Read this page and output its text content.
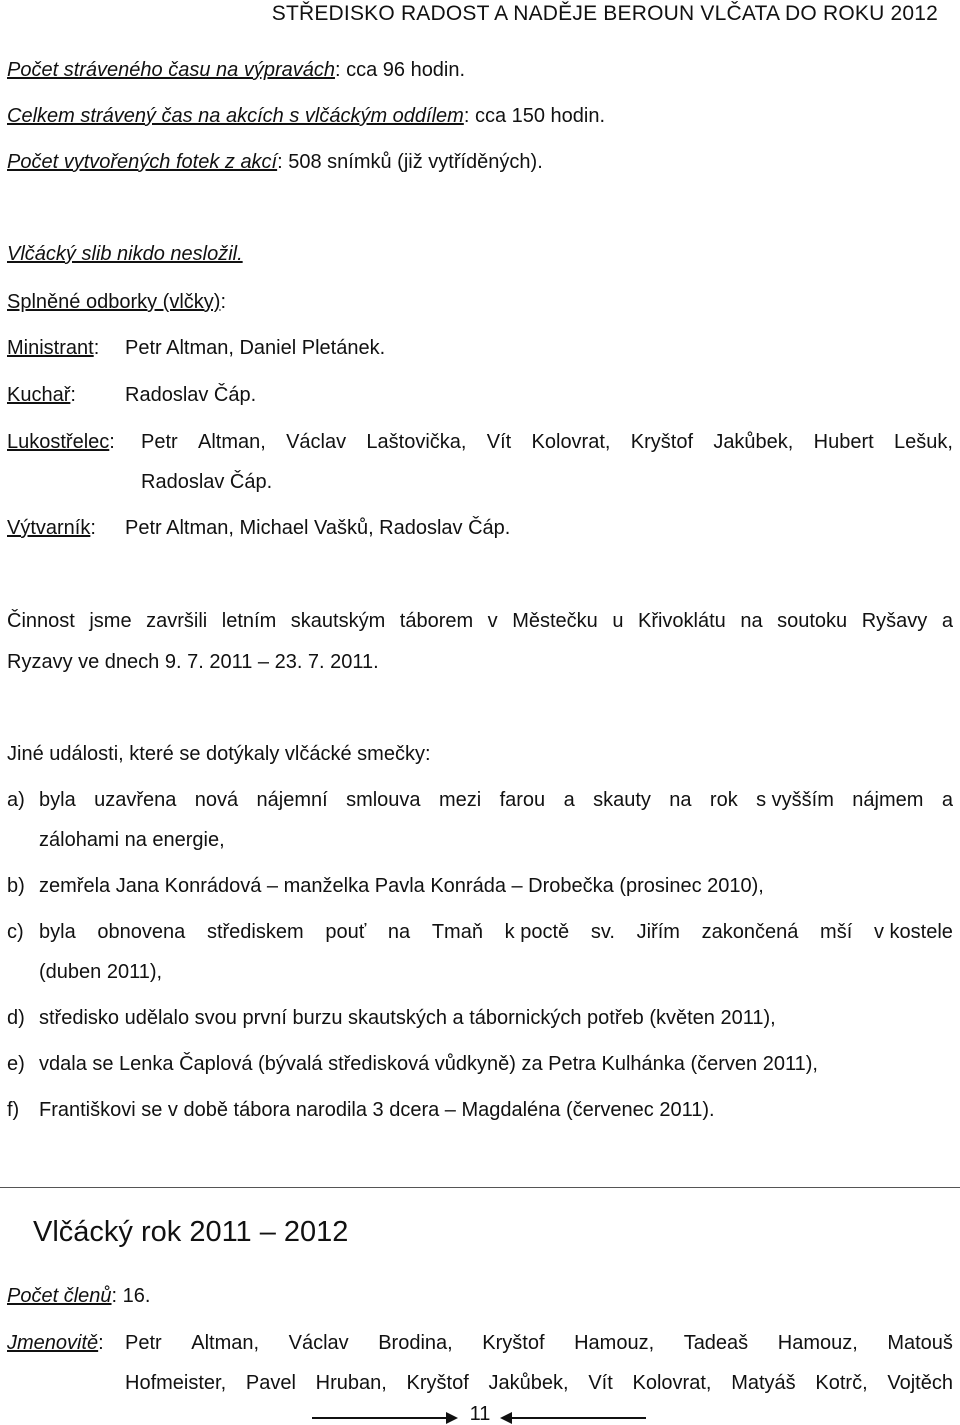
STŘEDISKO RADOST A NADĚJE BEROUN VLČATA DO ROKU 2012
Počet stráveného času na výpravách: cca 96 hodin.
Celkem strávený čas na akcích s vlčáckým oddílem: cca 150 hodin.
Počet vytvořených fotek z akcí: 508 snímků (již vytříděných).
Vlčácký slib nikdo nesložil.
Splněné odborky (vlčky):
Ministrant: Petr Altman, Daniel Pletánek.
Kuchař: Radoslav Čáp.
Lukostřelec: Petr Altman, Václav Laštovička, Vít Kolovrat, Kryštof Jakůbek, Hubert Lešuk,
Radoslav Čáp.
Výtvarník: Petr Altman, Michael Vašků, Radoslav Čáp.
Činnost jsme završili letním skautským táborem v Městečku u Křivoklátu na soutoku Ryšavy a
Ryzavy ve dnech 9. 7. 2011 – 23. 7. 2011.
Jiné události, které se dotýkaly vlčácké smečky:
a) byla uzavřena nová nájemní smlouva mezi farou a skauty na rok s vyšším nájmem a
zálohami na energie,
b) zemřela Jana Konrádová – manželka Pavla Konráda – Drobečka (prosinec 2010),
c) byla obnovena střediskem pouť na Tmaň k poctě sv. Jiřím zakončená mší v kostele
(duben 2011),
d) středisko udělalo svou první burzu skautských a tábornických potřeb (květen 2011),
e) vdala se Lenka Čaplová (bývalá středisková vůdkyně) za Petra Kulhánka (červen 2011),
f) Františkovi se v době tábora narodila 3 dcera – Magdaléna (červenec 2011).
Vlčácký rok 2011 – 2012
Počet členů: 16.
Jmenovitě: Petr Altman, Václav Brodina, Kryštof Hamouz, Tadeaš Hamouz, Matouš
Hofmeister, Pavel Hruban, Kryštof Jakůbek, Vít Kolovrat, Matyáš Kotrč, Vojtěch
11
